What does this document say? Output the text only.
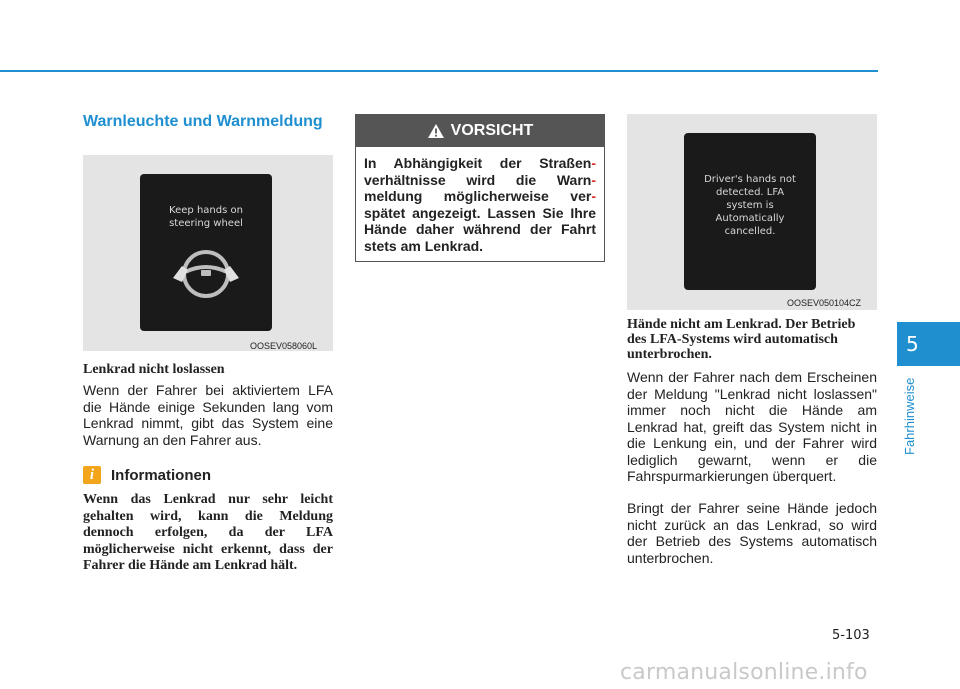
Warnleuchte und Warnmeldung
Keep hands on steering wheel
OOSEV058060L
Lenkrad nicht loslassen
Wenn der Fahrer bei aktiviertem LFA die Hände einige Sekunden lang vom Lenkrad nimmt, gibt das System eine Warnung an den Fahrer aus.
i	Informationen
Wenn das Lenkrad nur sehr leicht gehalten wird, kann die Meldung dennoch erfolgen, da der LFA möglicherweise nicht erkennt, dass der Fahrer die Hände am Lenkrad hält.
VORSICHT
In Abhängigkeit der Straßen -
verhältnisse wird die Warn -
meldung möglicherweise ver -
spätet angezeigt. Lassen Sie Ihre Hände daher während der Fahrt stets am Lenkrad.
Driver's hands not detected. LFA system is Automatically cancelled.
OOSEV050104CZ
Hände nicht am Lenkrad. Der Betrieb des LFA-Systems wird automatisch unterbrochen.
Wenn der Fahrer nach dem Erscheinen der Meldung "Lenkrad nicht loslassen" immer noch nicht die Hände am Lenkrad hat, greift das System nicht in die Lenkung ein, und der Fahrer wird lediglich gewarnt, wenn er die Fahrspurmarkierungen überquert.
Bringt der Fahrer seine Hände jedoch nicht zurück an das Lenkrad, so wird der Betrieb des Systems automatisch unterbrochen.
5
Fahrhinweise
5-103
carmanualsonline.info
